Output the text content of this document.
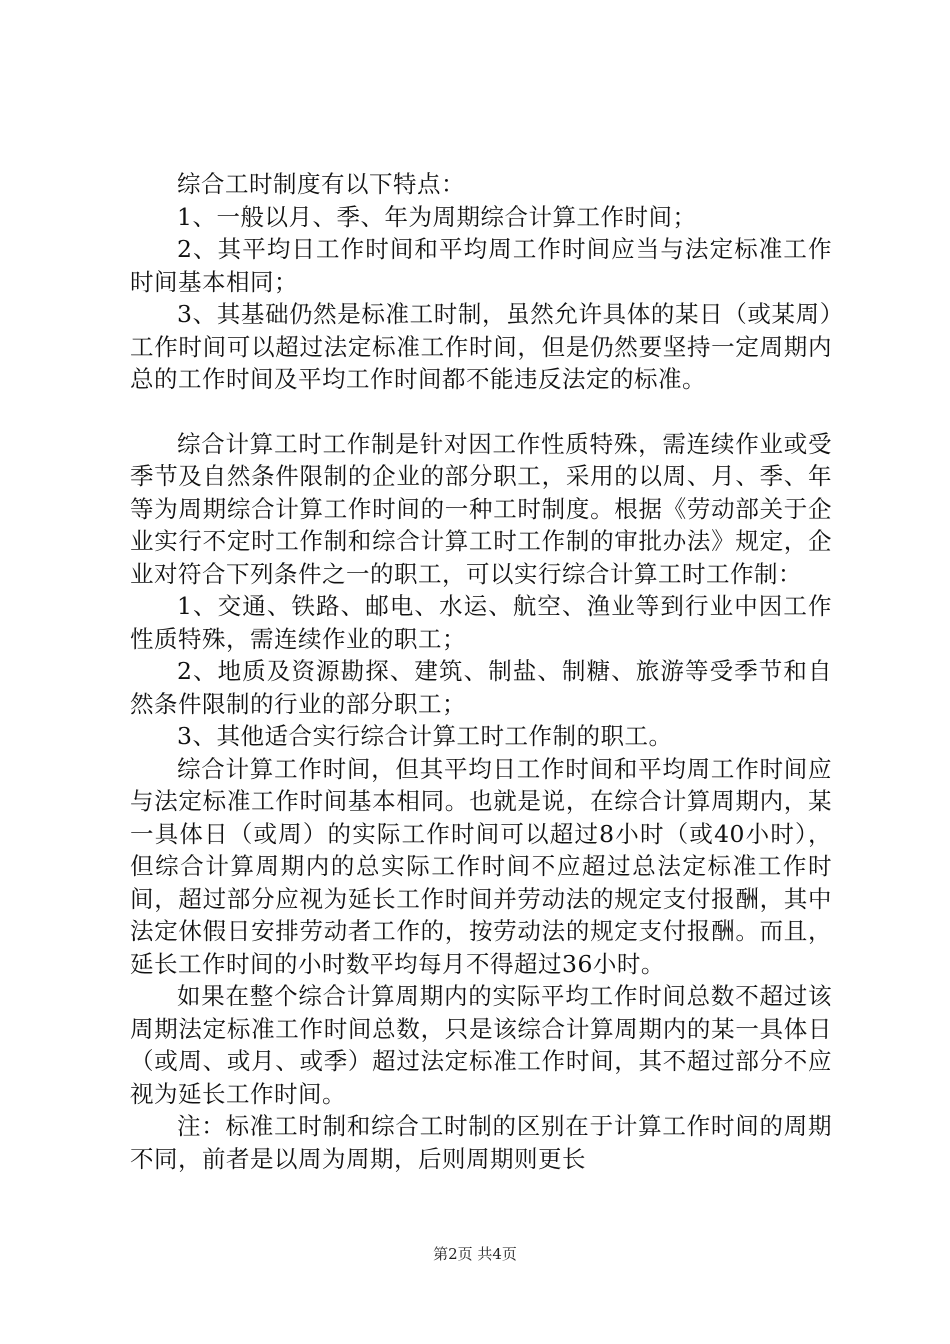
综合工时制度有以下特点：

1、一般以月、季、年为周期综合计算工作时间；

2、其平均日工作时间和平均周工作时间应当与法定标准工作时间基本相同；

3、其基础仍然是标准工时制，虽然允许具体的某日（或某周）工作时间可以超过法定标准工作时间，但是仍然要坚持一定周期内总的工作时间及平均工作时间都不能违反法定的标准。

综合计算工时工作制是针对因工作性质特殊，需连续作业或受季节及自然条件限制的企业的部分职工，采用的以周、月、季、年等为周期综合计算工作时间的一种工时制度。根据《劳动部关于企业实行不定时工作制和综合计算工时工作制的审批办法》规定，企业对符合下列条件之一的职工，可以实行综合计算工时工作制：

1、交通、铁路、邮电、水运、航空、渔业等到行业中因工作性质特殊，需连续作业的职工；

2、地质及资源勘探、建筑、制盐、制糖、旅游等受季节和自然条件限制的行业的部分职工；

3、其他适合实行综合计算工时工作制的职工。

综合计算工作时间，但其平均日工作时间和平均周工作时间应与法定标准工作时间基本相同。也就是说，在综合计算周期内，某一具体日（或周）的实际工作时间可以超过8小时（或40小时），但综合计算周期内的总实际工作时间不应超过总法定标准工作时间，超过部分应视为延长工作时间并劳动法的规定支付报酬，其中法定休假日安排劳动者工作的，按劳动法的规定支付报酬。而且，延长工作时间的小时数平均每月不得超过36小时。

如果在整个综合计算周期内的实际平均工作时间总数不超过该周期法定标准工作时间总数，只是该综合计算周期内的某一具体日（或周、或月、或季）超过法定标准工作时间，其不超过部分不应视为延长工作时间。

注：标准工时制和综合工时制的区别在于计算工作时间的周期不同，前者是以周为周期，后则周期则更长

第2页 共4页
